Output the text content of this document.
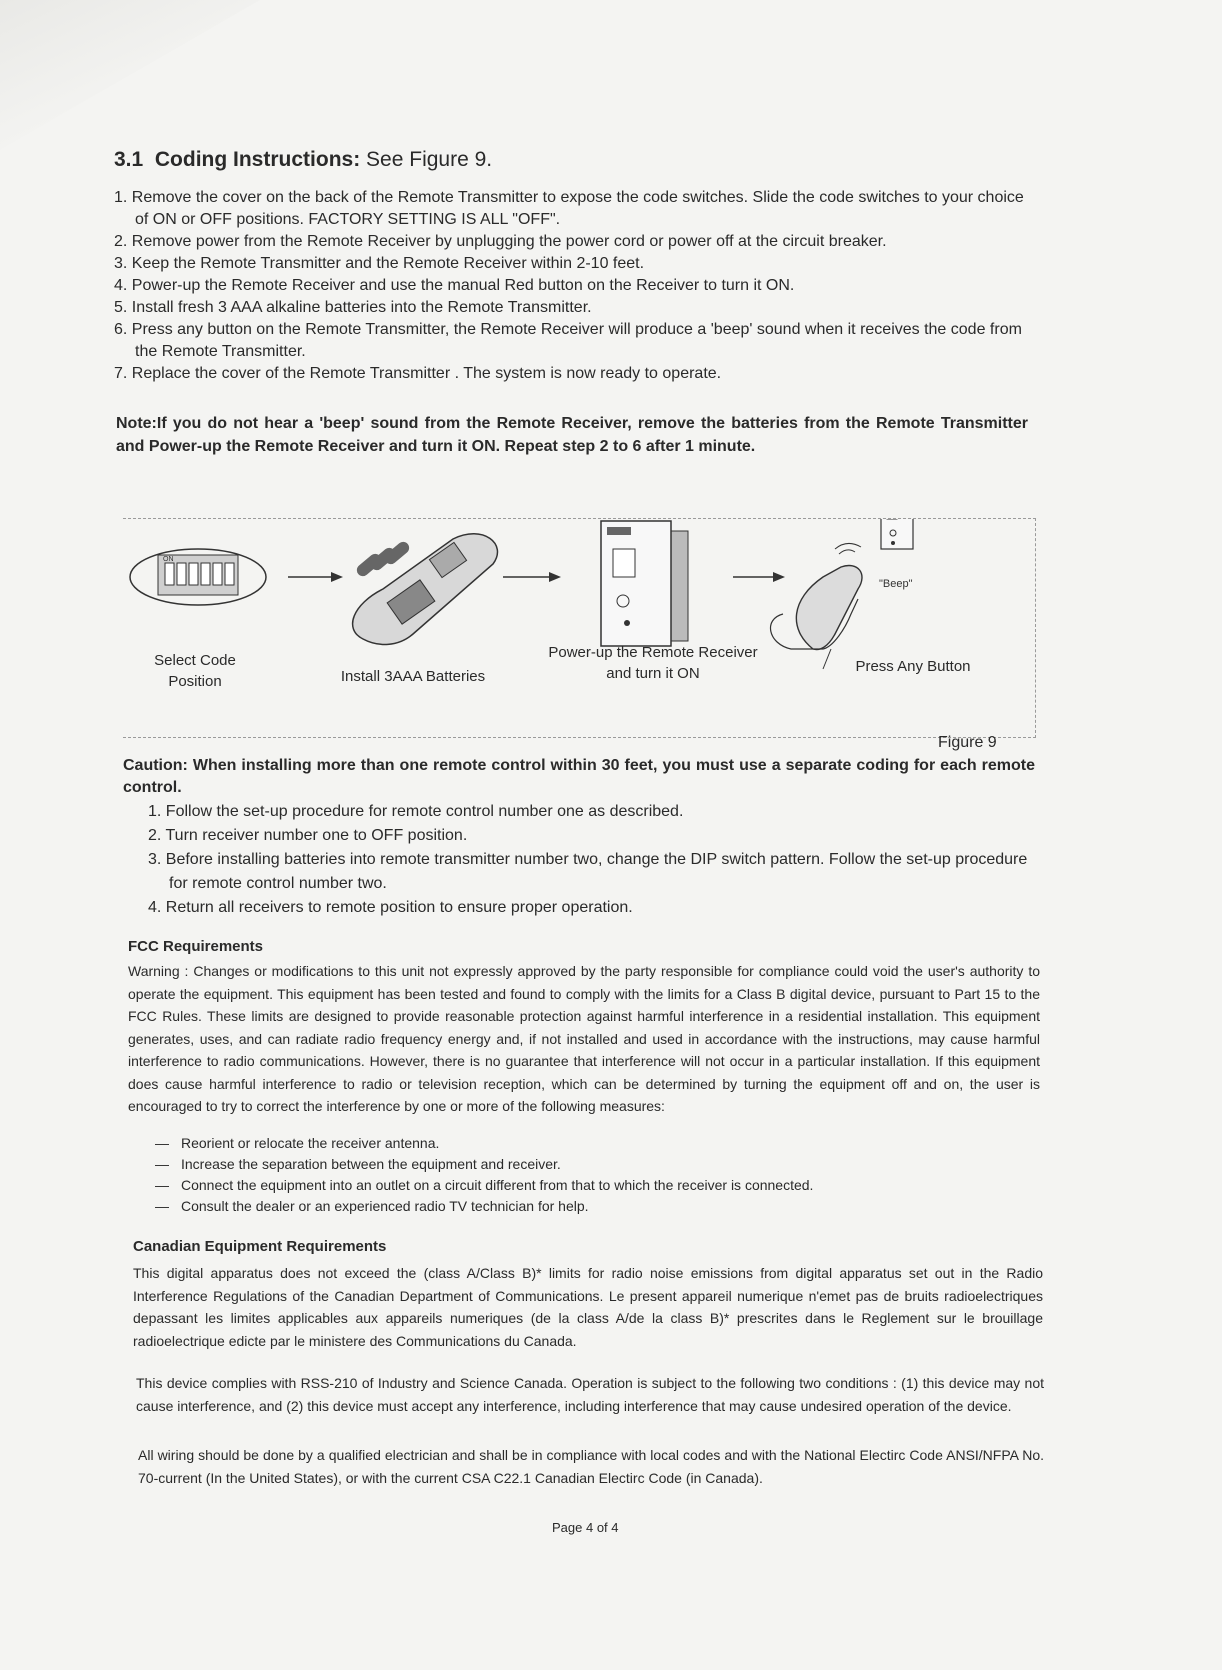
3.1 Coding Instructions: See Figure 9.
1. Remove the cover on the back of the Remote Transmitter to expose the code switches. Slide the code switches to your choice of ON or OFF positions. FACTORY SETTING IS ALL "OFF".
2. Remove power from the Remote Receiver by unplugging the power cord or power off at the circuit breaker.
3. Keep the Remote Transmitter and the Remote Receiver within 2-10 feet.
4. Power-up the Remote Receiver and use the manual Red button on the Receiver to turn it ON.
5. Install fresh 3 AAA alkaline batteries into the Remote Transmitter.
6. Press any button on the Remote Transmitter, the Remote Receiver will produce a 'beep' sound when it receives the code from the Remote Transmitter.
7. Replace the cover of the Remote Transmitter . The system is now ready to operate.

Note:If you do not hear a 'beep' sound from the Remote Receiver, remove the batteries from the Remote Transmitter and Power-up the Remote Receiver and turn it ON. Repeat step 2 to 6 after 1 minute.

ON
"Beep"
Select Code
Position	Install 3AAA Batteries
Power-up the Remote Receiver
and turn it ON	Press Any Button
Figure 9

Caution: When installing more than one remote control within 30 feet, you must use a separate coding for each remote control.

1. Follow the set-up procedure for remote control number one as described.
2. Turn receiver number one to OFF position.
3. Before installing batteries into remote transmitter number two, change the DIP switch pattern. Follow the set-up procedure for remote control number two.
4. Return all receivers to remote position to ensure proper operation.
FCC Requirements

Warning : Changes or modifications to this unit not expressly approved by the party responsible for compliance could void the user's authority to operate the equipment. This equipment has been tested and found to comply with the limits for a Class B digital device, pursuant to Part 15 to the FCC Rules. These limits are designed to provide reasonable protection against harmful interference in a residential installation. This equipment generates, uses, and can radiate radio frequency energy and, if not installed and used in accordance with the instructions, may cause harmful interference to radio communications. However, there is no guarantee that interference will not occur in a particular installation. If this equipment does cause harmful interference to radio or television reception, which can be determined by turning the equipment off and on, the user is encouraged to try to correct the interference by one or more of the following measures:

— Reorient or relocate the receiver antenna.
— Increase the separation between the equipment and receiver.
— Connect the equipment into an outlet on a circuit different from that to which the receiver is connected.
— Consult the dealer or an experienced radio TV technician for help.
Canadian Equipment Requirements

This digital apparatus does not exceed the (class A/Class B)* limits for radio noise emissions from digital apparatus set out in the Radio Interference Regulations of the Canadian Department of Communications. Le present appareil numerique n'emet pas de bruits radioelectriques depassant les limites applicables aux appareils numeriques (de la class A/de la class B)* prescrites dans le Reglement sur le brouillage radioelectrique edicte par le ministere des Communications du Canada.

This device complies with RSS-210 of Industry and Science Canada. Operation is subject to the following two conditions : (1) this device may not cause interference, and (2) this device must accept any interference, including interference that may cause undesired operation of the device.

All wiring should be done by a qualified electrician and shall be in compliance with local codes and with the National Electirc Code ANSI/NFPA No. 70-current (In the United States), or with the current CSA C22.1 Canadian Electirc Code (in Canada).

Page 4 of 4
